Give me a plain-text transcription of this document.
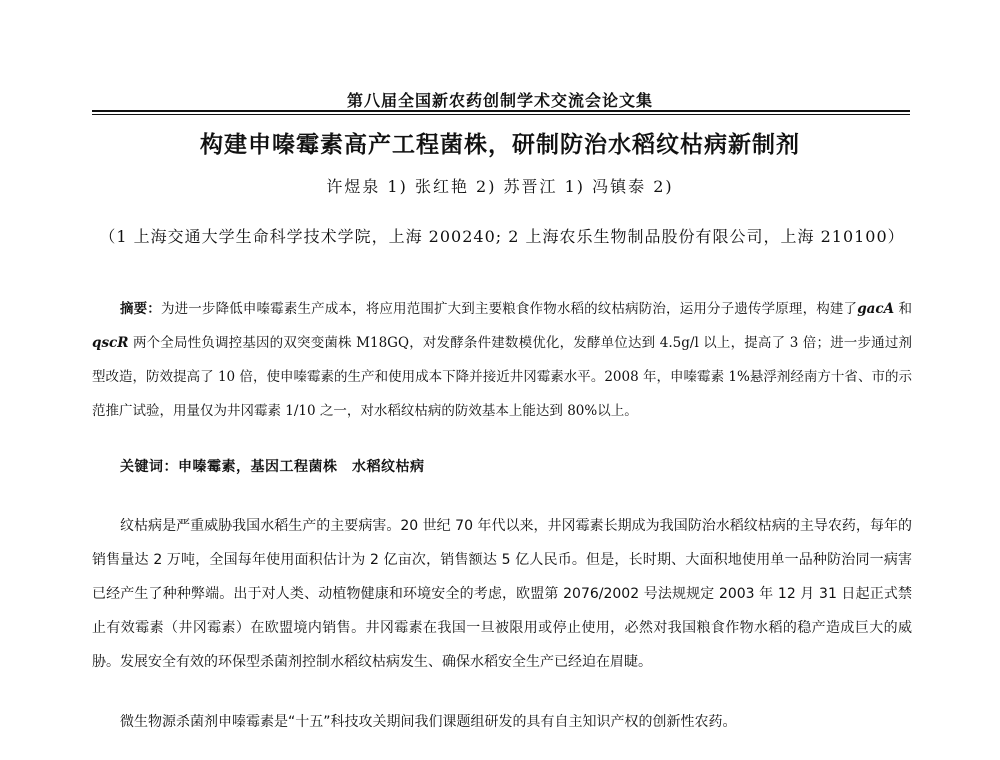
第八届全国新农药创制学术交流会论文集
构建申嗪霉素高产工程菌株，研制防治水稻纹枯病新制剂
许煜泉 1) 张红艳 2) 苏晋江 1) 冯镇泰 2)
（1 上海交通大学生命科学技术学院，上海 200240; 2 上海农乐生物制品股份有限公司，上海 210100）
摘要：为进一步降低申嗪霉素生产成本，将应用范围扩大到主要粮食作物水稻的纹枯病防治，运用分子遗传学原理，构建了gacA 和 qscR 两个全局性负调控基因的双突变菌株 M18GQ，对发酵条件建数模优化，发酵单位达到 4.5g/l 以上，提高了 3 倍；进一步通过剂型改造，防效提高了 10 倍，使申嗪霉素的生产和使用成本下降并接近井冈霉素水平。2008 年，申嗪霉素 1%悬浮剂经南方十省、市的示范推广试验，用量仅为井冈霉素 1/10 之一，对水稻纹枯病的防效基本上能达到 80%以上。
关键词：申嗪霉素，基因工程菌株　水稻纹枯病
纹枯病是严重威胁我国水稻生产的主要病害。20 世纪 70 年代以来，井冈霉素长期成为我国防治水稻纹枯病的主导农药，每年的销售量达 2 万吨，全国每年使用面积估计为 2 亿亩次，销售额达 5 亿人民币。但是，长时期、大面积地使用单一品种防治同一病害已经产生了种种弊端。出于对人类、动植物健康和环境安全的考虑，欧盟第 2076/2002 号法规规定 2003 年 12 月 31 日起正式禁止有效霉素（井冈霉素）在欧盟境内销售。井冈霉素在我国一旦被限用或停止使用，必然对我国粮食作物水稻的稳产造成巨大的威胁。发展安全有效的环保型杀菌剂控制水稻纹枯病发生、确保水稻安全生产已经迫在眉睫。
微生物源杀菌剂申嗪霉素是“十五”科技攻关期间我们课题组研发的具有自主知识产权的创新性农药。
